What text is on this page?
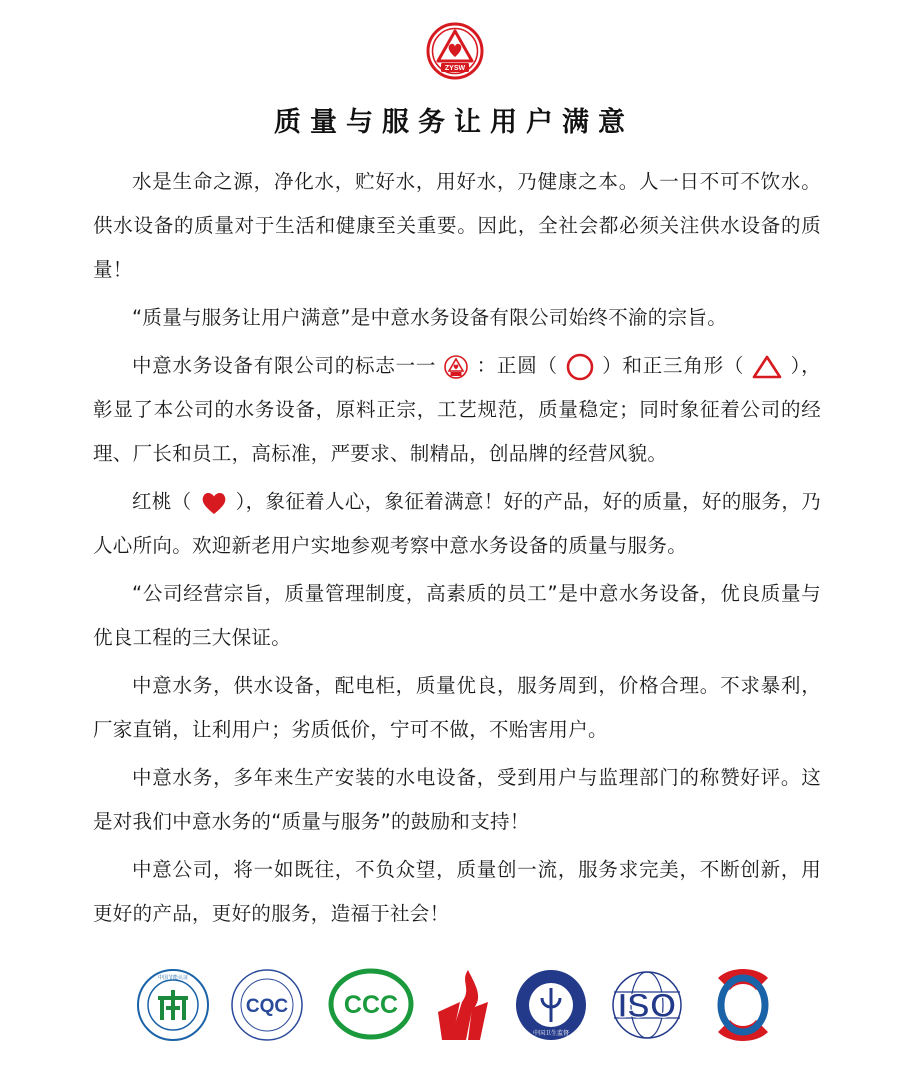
ZYSW
质量与服务让用户满意

水是生命之源，净化水，贮好水，用好水，乃健康之本。人一日不可不饮水。供水设备的质量对于生活和健康至关重要。因此，全社会都必须关注供水设备的质量！

“质量与服务让用户满意”是中意水务设备有限公司始终不渝的宗旨。

中意水务设备有限公司的标志一一 ：正圆（ ）和正三角形（ ），彰显了本公司的水务设备，原料正宗，工艺规范，质量稳定；同时象征着公司的经理、厂长和员工，高标准，严要求、制精品，创品牌的经营风貌。

红桃（ ），象征着人心，象征着满意！好的产品，好的质量，好的服务，乃人心所向。欢迎新老用户实地参观考察中意水务设备的质量与服务。

“公司经营宗旨，质量管理制度，高素质的员工”是中意水务设备，优良质量与优良工程的三大保证。

中意水务，供水设备，配电柜，质量优良，服务周到，价格合理。不求暴利，厂家直销，让利用户；劣质低价，宁可不做，不贻害用户。

中意水务，多年来生产安装的水电设备，受到用户与监理部门的称赞好评。这是对我们中意水务的“质量与服务”的鼓励和支持！

中意公司，将一如既往，不负众望，质量创一流，服务求完美，不断创新，用更好的产品，更好的服务，造福于社会！

中国节能认证
CQC CCC
中国卫生监督
ISO
